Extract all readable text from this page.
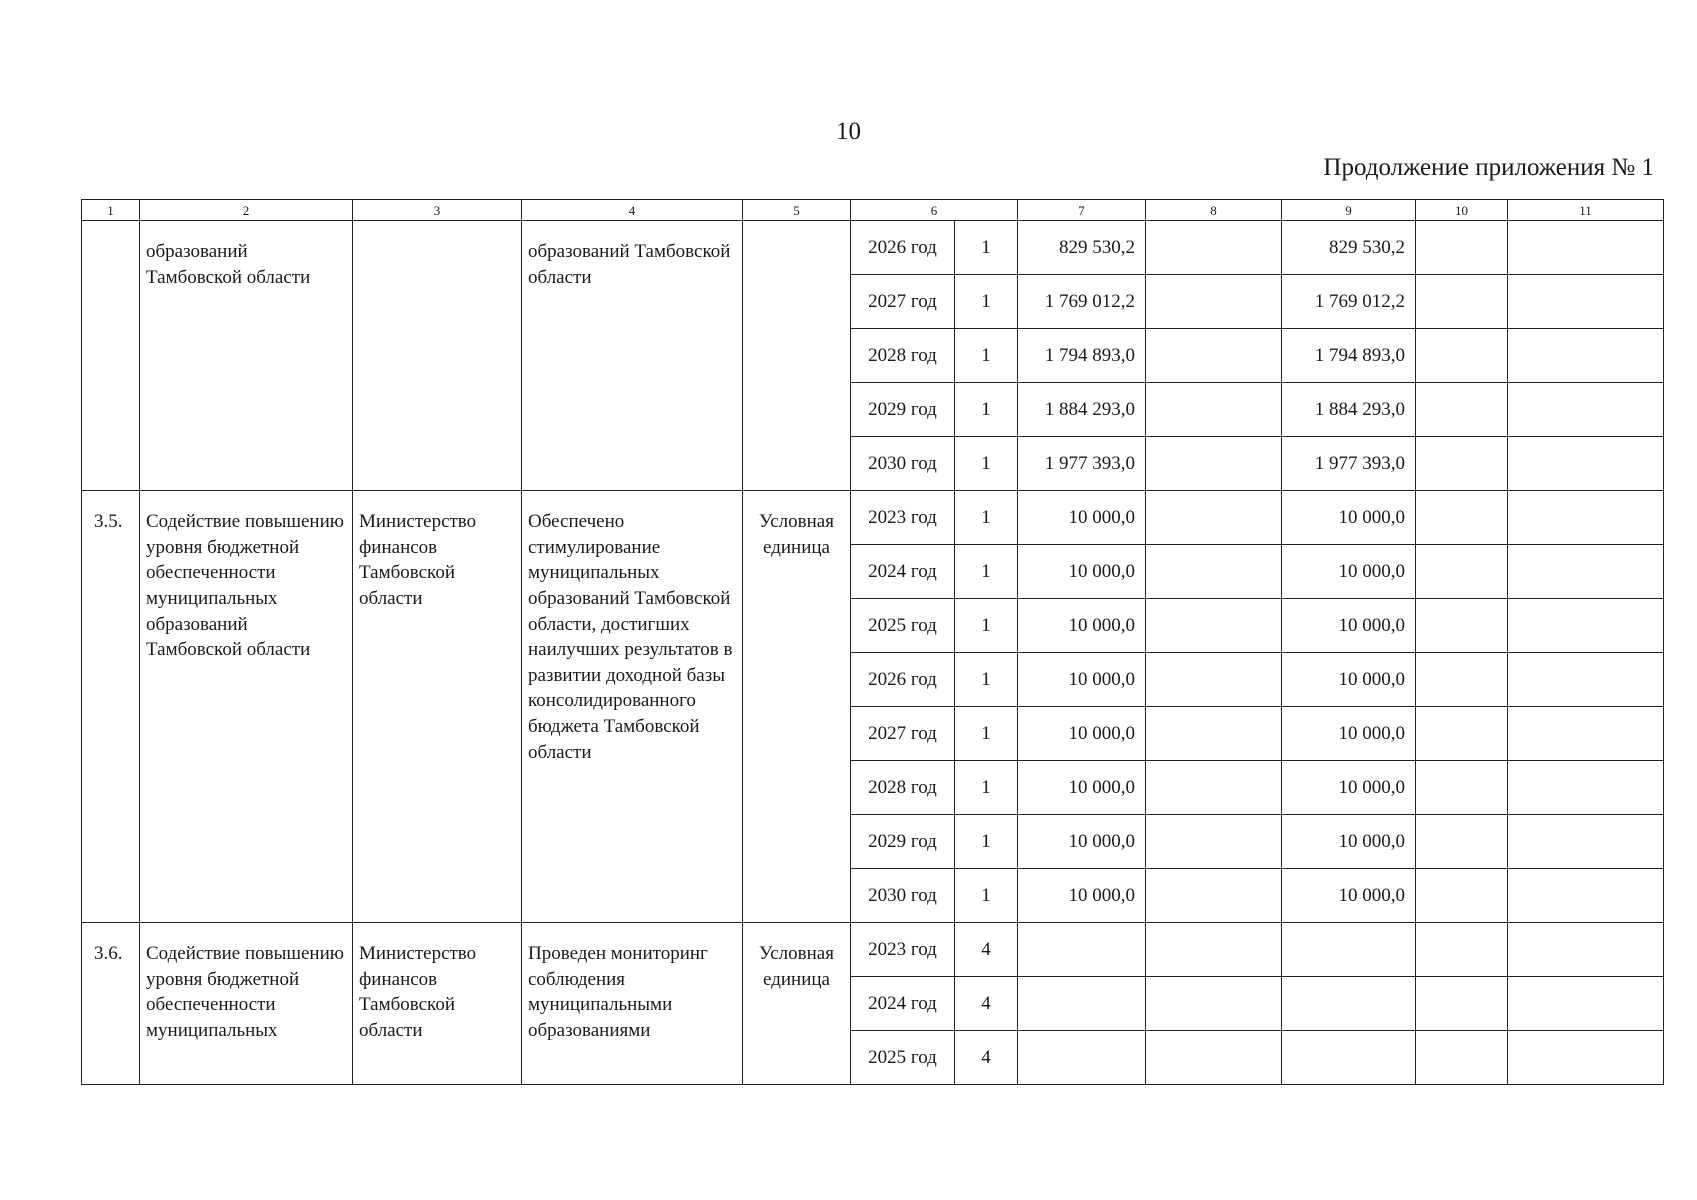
10
Продолжение приложения № 1
1	2	3	4	5	6		7	8	9	10	11
	образований Тамбовской области		образований Тамбовской области		2026 год	1	829 530,2		829 530,2		
					2027 год	1	1 769 012,2		1 769 012,2		
					2028 год	1	1 794 893,0		1 794 893,0		
					2029 год	1	1 884 293,0		1 884 293,0		
					2030 год	1	1 977 393,0		1 977 393,0		
3.5.	Содействие повышению уровня бюджетной обеспеченности муниципальных образований Тамбовской области	Министерство финансов Тамбовской области	Обеспечено стимулирование муниципальных образований Тамбовской области, достигших наилучших результатов в развитии доходной базы консолидированного бюджета Тамбовской области	Условная единица	2023 год	1	10 000,0		10 000,0		
					2024 год	1	10 000,0		10 000,0		
					2025 год	1	10 000,0		10 000,0		
					2026 год	1	10 000,0		10 000,0		
					2027 год	1	10 000,0		10 000,0		
					2028 год	1	10 000,0		10 000,0		
					2029 год	1	10 000,0		10 000,0		
					2030 год	1	10 000,0		10 000,0		
3.6.	Содействие повышению уровня бюджетной обеспеченности муниципальных	Министерство финансов Тамбовской области	Проведен мониторинг соблюдения муниципальными образованиями	Условная единица	2023 год	4					
					2024 год	4					
					2025 год	4					
